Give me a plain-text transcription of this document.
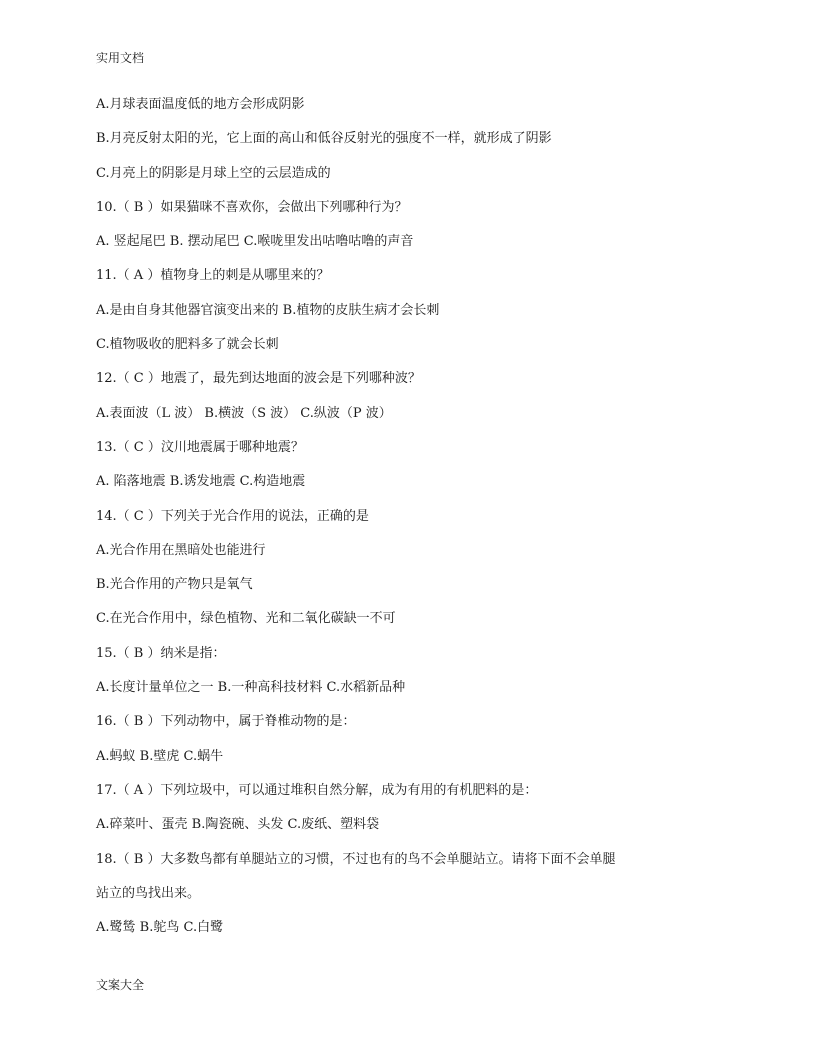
实用文档
A.月球表面温度低的地方会形成阴影
B.月亮反射太阳的光，它上面的高山和低谷反射光的强度不一样，就形成了阴影
C.月亮上的阴影是月球上空的云层造成的
10.（ B ）如果猫咪不喜欢你，会做出下列哪种行为？
A. 竖起尾巴 B. 摆动尾巴 C.喉咙里发出咕噜咕噜的声音
11.（ A ）植物身上的刺是从哪里来的？
A.是由自身其他器官演变出来的 B.植物的皮肤生病才会长刺
C.植物吸收的肥料多了就会长刺
12.（ C ）地震了，最先到达地面的波会是下列哪种波？
A.表面波（L 波） B.横波（S 波） C.纵波（P 波）
13.（ C ）汶川地震属于哪种地震？
A. 陷落地震 B.诱发地震 C.构造地震
14.（ C ）下列关于光合作用的说法，正确的是
A.光合作用在黑暗处也能进行
B.光合作用的产物只是氧气
C.在光合作用中，绿色植物、光和二氧化碳缺一不可
15.（ B ）纳米是指：
A.长度计量单位之一 B.一种高科技材料 C.水稻新品种
16.（ B ）下列动物中，属于脊椎动物的是：
A.蚂蚁 B.壁虎 C.蜗牛
17.（ A ）下列垃圾中，可以通过堆积自然分解，成为有用的有机肥料的是：
A.碎菜叶、蛋壳 B.陶瓷碗、头发 C.废纸、塑料袋
18.（ B ）大多数鸟都有单腿站立的习惯，不过也有的鸟不会单腿站立。请将下面不会单腿
站立的鸟找出来。
A.鹭鸶 B.鸵鸟 C.白鹭
文案大全
